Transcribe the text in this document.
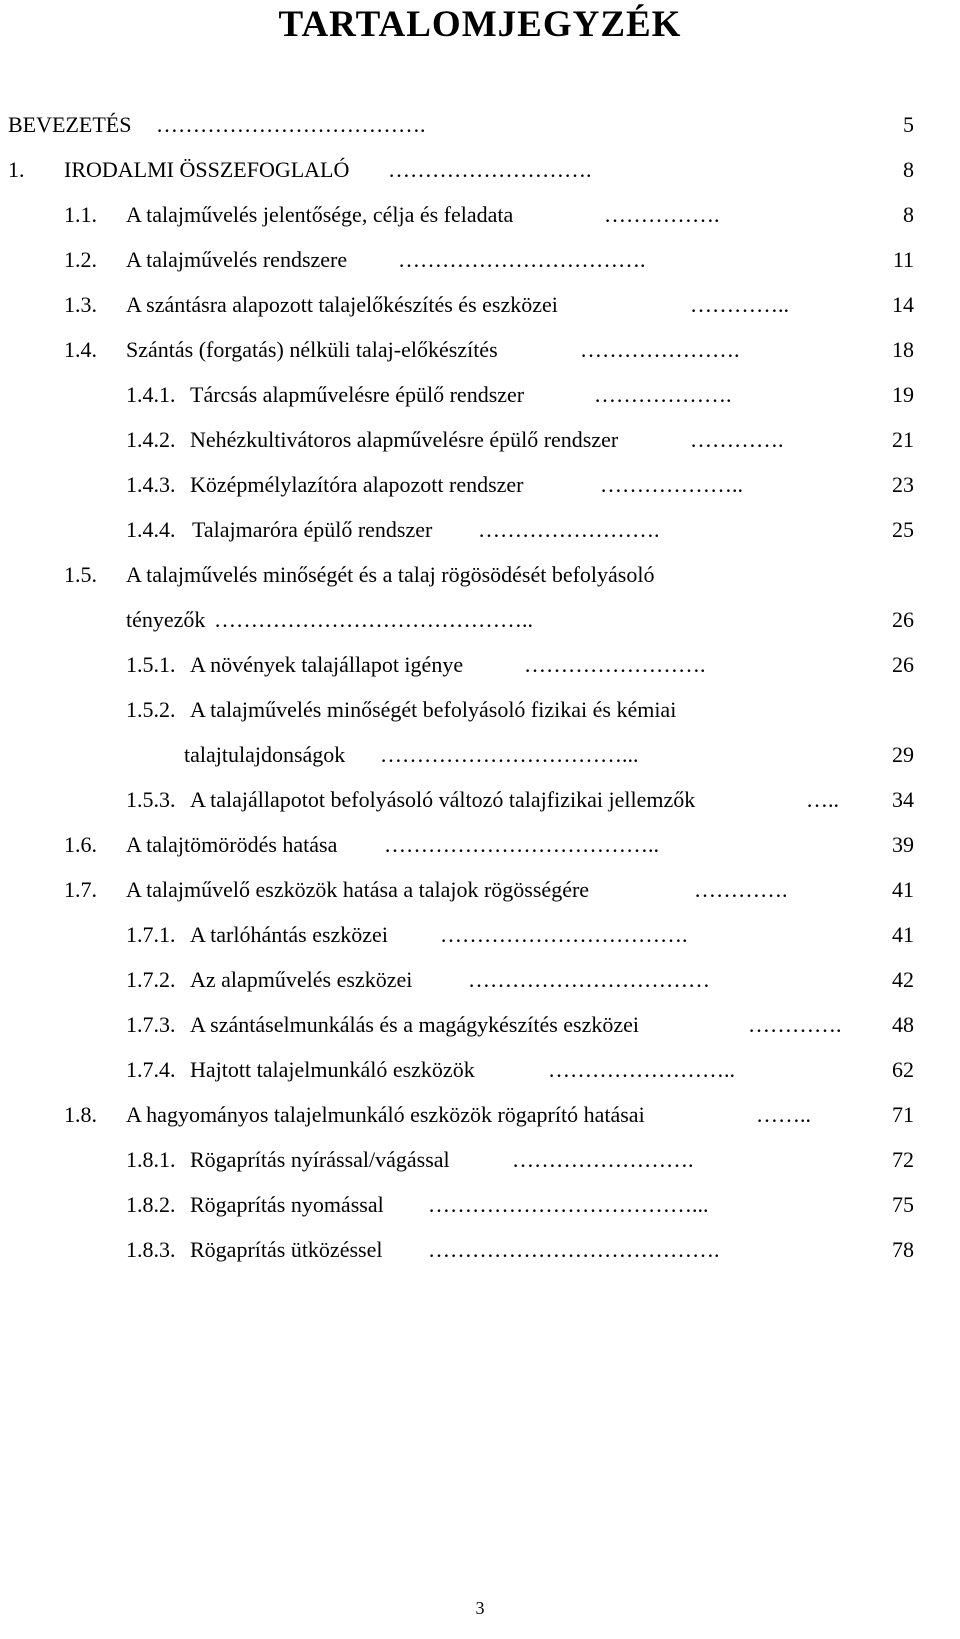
TARTALOMJEGYZÉK
BEVEZETÉS ……………………………….	5
1. IRODALMI ÖSSZEFOGLALÓ ……………………….	8
1.1. A talajművelés jelentősége, célja és feladata	…………….	8
1.2. A talajművelés rendszere …………………………….	11
1.3. A szántásra alapozott talajelőkészítés és eszközei	…………..	14
1.4. Szántás (forgatás) nélküli talaj-előkészítés	………………….	18
1.4.1. Tárcsás alapművelésre épülő rendszer	……………….	19
1.4.2. Nehézkultivátoros alapművelésre épülő rendszer	………….	21
1.4.3. Középmélylazítóra alapozott rendszer	………………..	23
1.4.4. Talajmaróra épülő rendszer …………………….	25
1.5. A talajművelés minőségét és a talaj rögösödését befolyásoló
tényezők ……………………………………..	26
1.5.1. A növények talajállapot igénye	…………………….	26
1.5.2. A talajművelés minőségét befolyásoló fizikai és kémiai
talajtulajdonságok ……………………………...	29
1.5.3. A talajállapotot befolyásoló változó talajfizikai jellemzők	…..	34
1.6. A talajtömörödés hatása ………………………………..	39
1.7. A talajművelő eszközök hatása a talajok rögösségére	………….	41
1.7.1. A tarlóhántás eszközei …………………………….	41
1.7.2. Az alapművelés eszközei	……………………………	42
1.7.3. A szántáselmunkálás és a magágykészítés eszközei	………….	48
1.7.4. Hajtott talajelmunkáló eszközök	……………………..	62
1.8. A hagyományos talajelmunkáló eszközök rögaprító hatásai	……..	71
1.8.1. Rögaprítás nyírással/vágással	…………………….	72
1.8.2. Rögaprítás nyomással ………………………………...	75
1.8.3. Rögaprítás ütközéssel ………………………………….	78
3
